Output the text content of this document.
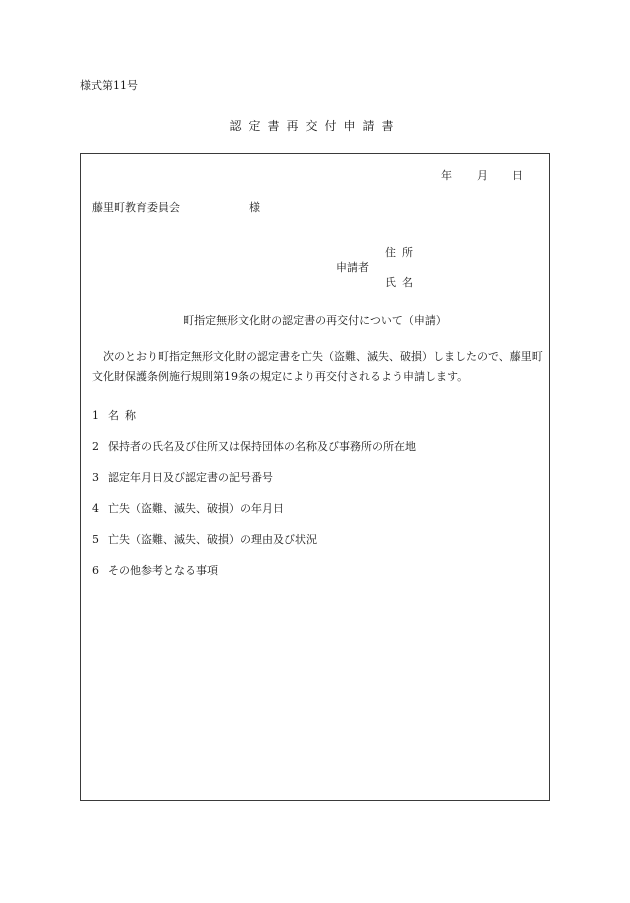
様式第11号
認定書再交付申請書
年 月 日
藤里町教育委員会	様
住所
申請者
氏名
町指定無形文化財の認定書の再交付について（申請）
次のとおり町指定無形文化財の認定書を亡失（盗難、滅失、破損）しましたので、藤里町文化財保護条例施行規則第19条の規定により再交付されるよう申請します。
1 名称
2 保持者の氏名及び住所又は保持団体の名称及び事務所の所在地
3 認定年月日及び認定書の記号番号
4 亡失（盗難、滅失、破損）の年月日
5 亡失（盗難、滅失、破損）の理由及び状況
6 その他参考となる事項
